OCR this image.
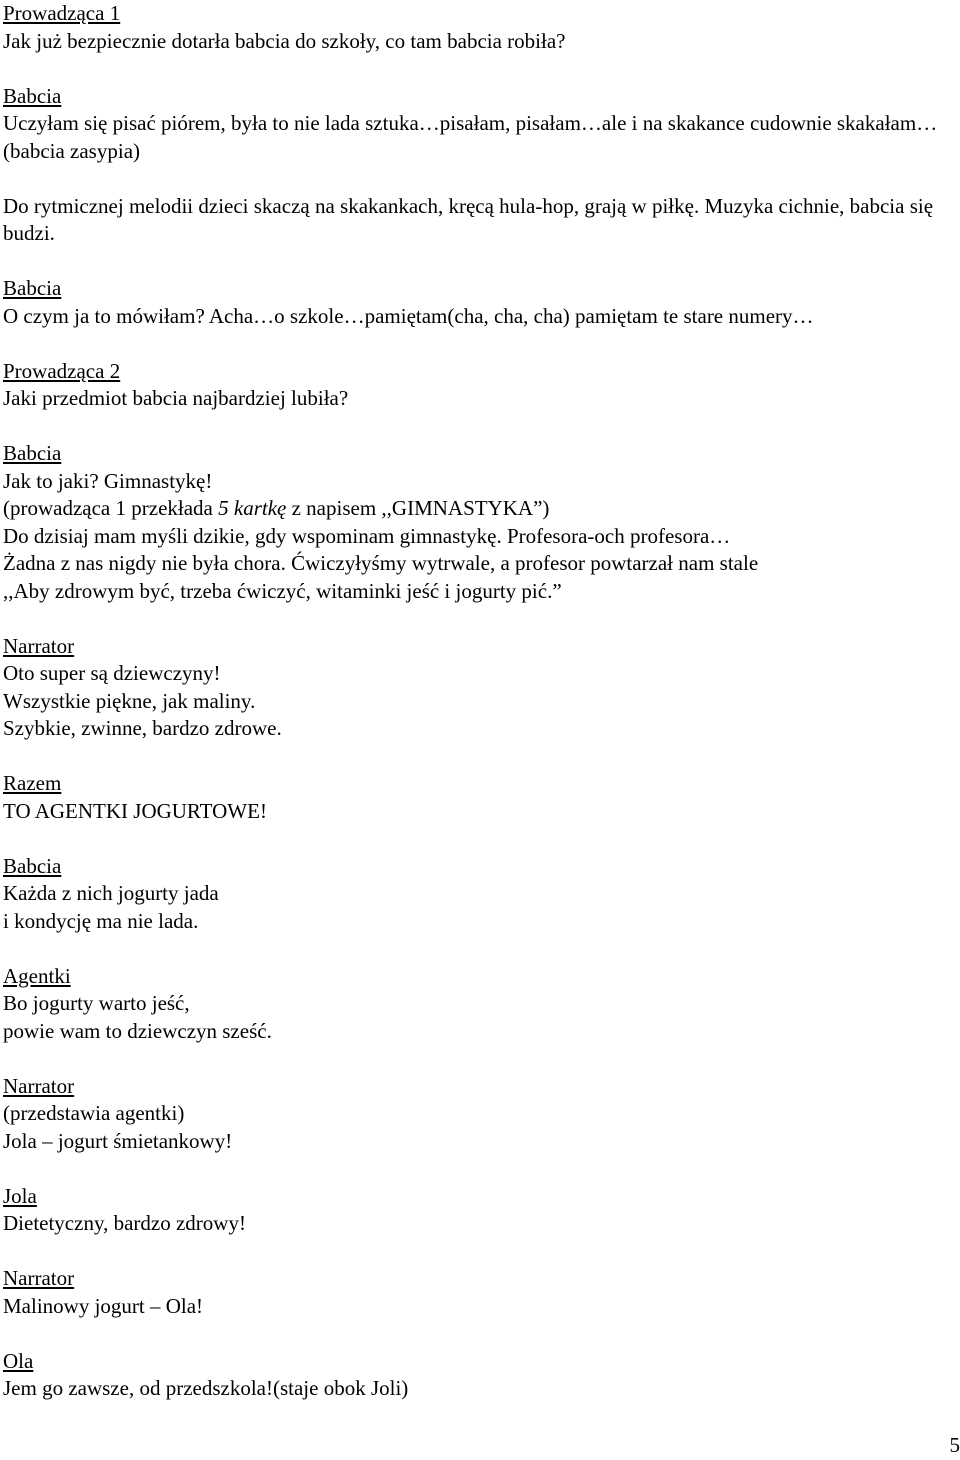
Prowadząca 1
Jak już bezpiecznie dotarła babcia do szkoły, co tam babcia robiła?
Babcia
Uczyłam się pisać piórem, była to nie lada sztuka…pisałam, pisałam…ale i na skakance cudownie skakałam…(babcia zasypia)
Do rytmicznej melodii dzieci skaczą na skakankach, kręcą hula-hop, grają w piłkę. Muzyka cichnie, babcia się budzi.
Babcia
O czym ja to mówiłam? Acha…o szkole…pamiętam(cha, cha, cha) pamiętam te stare numery…
Prowadząca 2
Jaki przedmiot babcia najbardziej lubiła?
Babcia
Jak to jaki? Gimnastykę!
(prowadząca 1 przekłada 5 kartkę z napisem ,,GIMNASTYKA”)
Do dzisiaj mam myśli dzikie, gdy wspominam gimnastykę. Profesora-och profesora…
Żadna z nas nigdy nie była chora. Ćwiczyłyśmy wytrwale, a profesor powtarzał nam stale
,,Aby zdrowym być, trzeba ćwiczyć, witaminki jeść i jogurty pić.”
Narrator
Oto super są dziewczyny!
Wszystkie piękne, jak maliny.
Szybkie, zwinne, bardzo zdrowe.
Razem
TO AGENTKI JOGURTOWE!
Babcia
Każda z nich jogurty jada
i kondycję ma nie lada.
Agentki
Bo jogurty warto jeść,
powie wam to dziewczyn sześć.
Narrator
(przedstawia agentki)
Jola – jogurt śmietankowy!
Jola
Dietetyczny, bardzo zdrowy!
Narrator
Malinowy jogurt – Ola!
Ola
Jem go zawsze, od przedszkola!(staje obok Joli)
5
